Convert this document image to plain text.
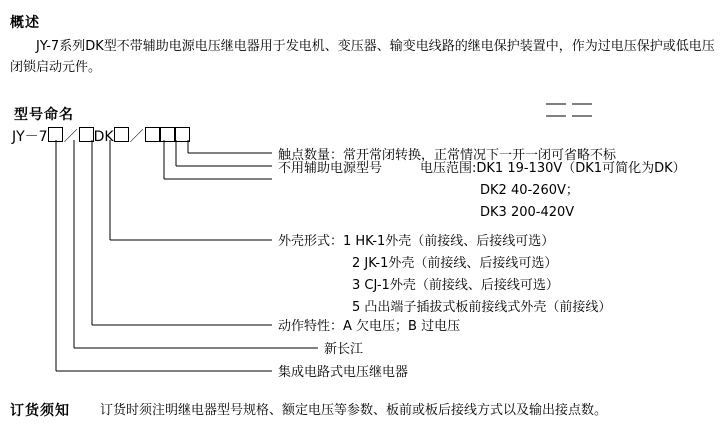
概述
JY-7系列DK型不带辅助电源电压继电器用于发电机、变压器、输变电线路的继电保护装置中，作为过电压保护或低电压闭锁启动元件。
型号命名
JY－7 ／ DK ／
触点数量：常开常闭转换，正常情况下一开一闭可省略不标
不用辅助电源型号	电压范围:DK1 19-130V（DK1可简化为DK）
DK2 40-260V；
DK3 200-420V
外壳形式：1 HK-1外壳（前接线、后接线可选）
2 JK-1外壳（前接线、后接线可选）
3 CJ-1外壳（前接线、后接线可选）
5 凸出端子插拔式板前接线式外壳（前接线）
动作特性：A 欠电压；B 过电压
新长江
集成电路式电压继电器
订货须知 订货时须注明继电器型号规格、额定电压等参数、板前或板后接线方式以及输出接点数。
